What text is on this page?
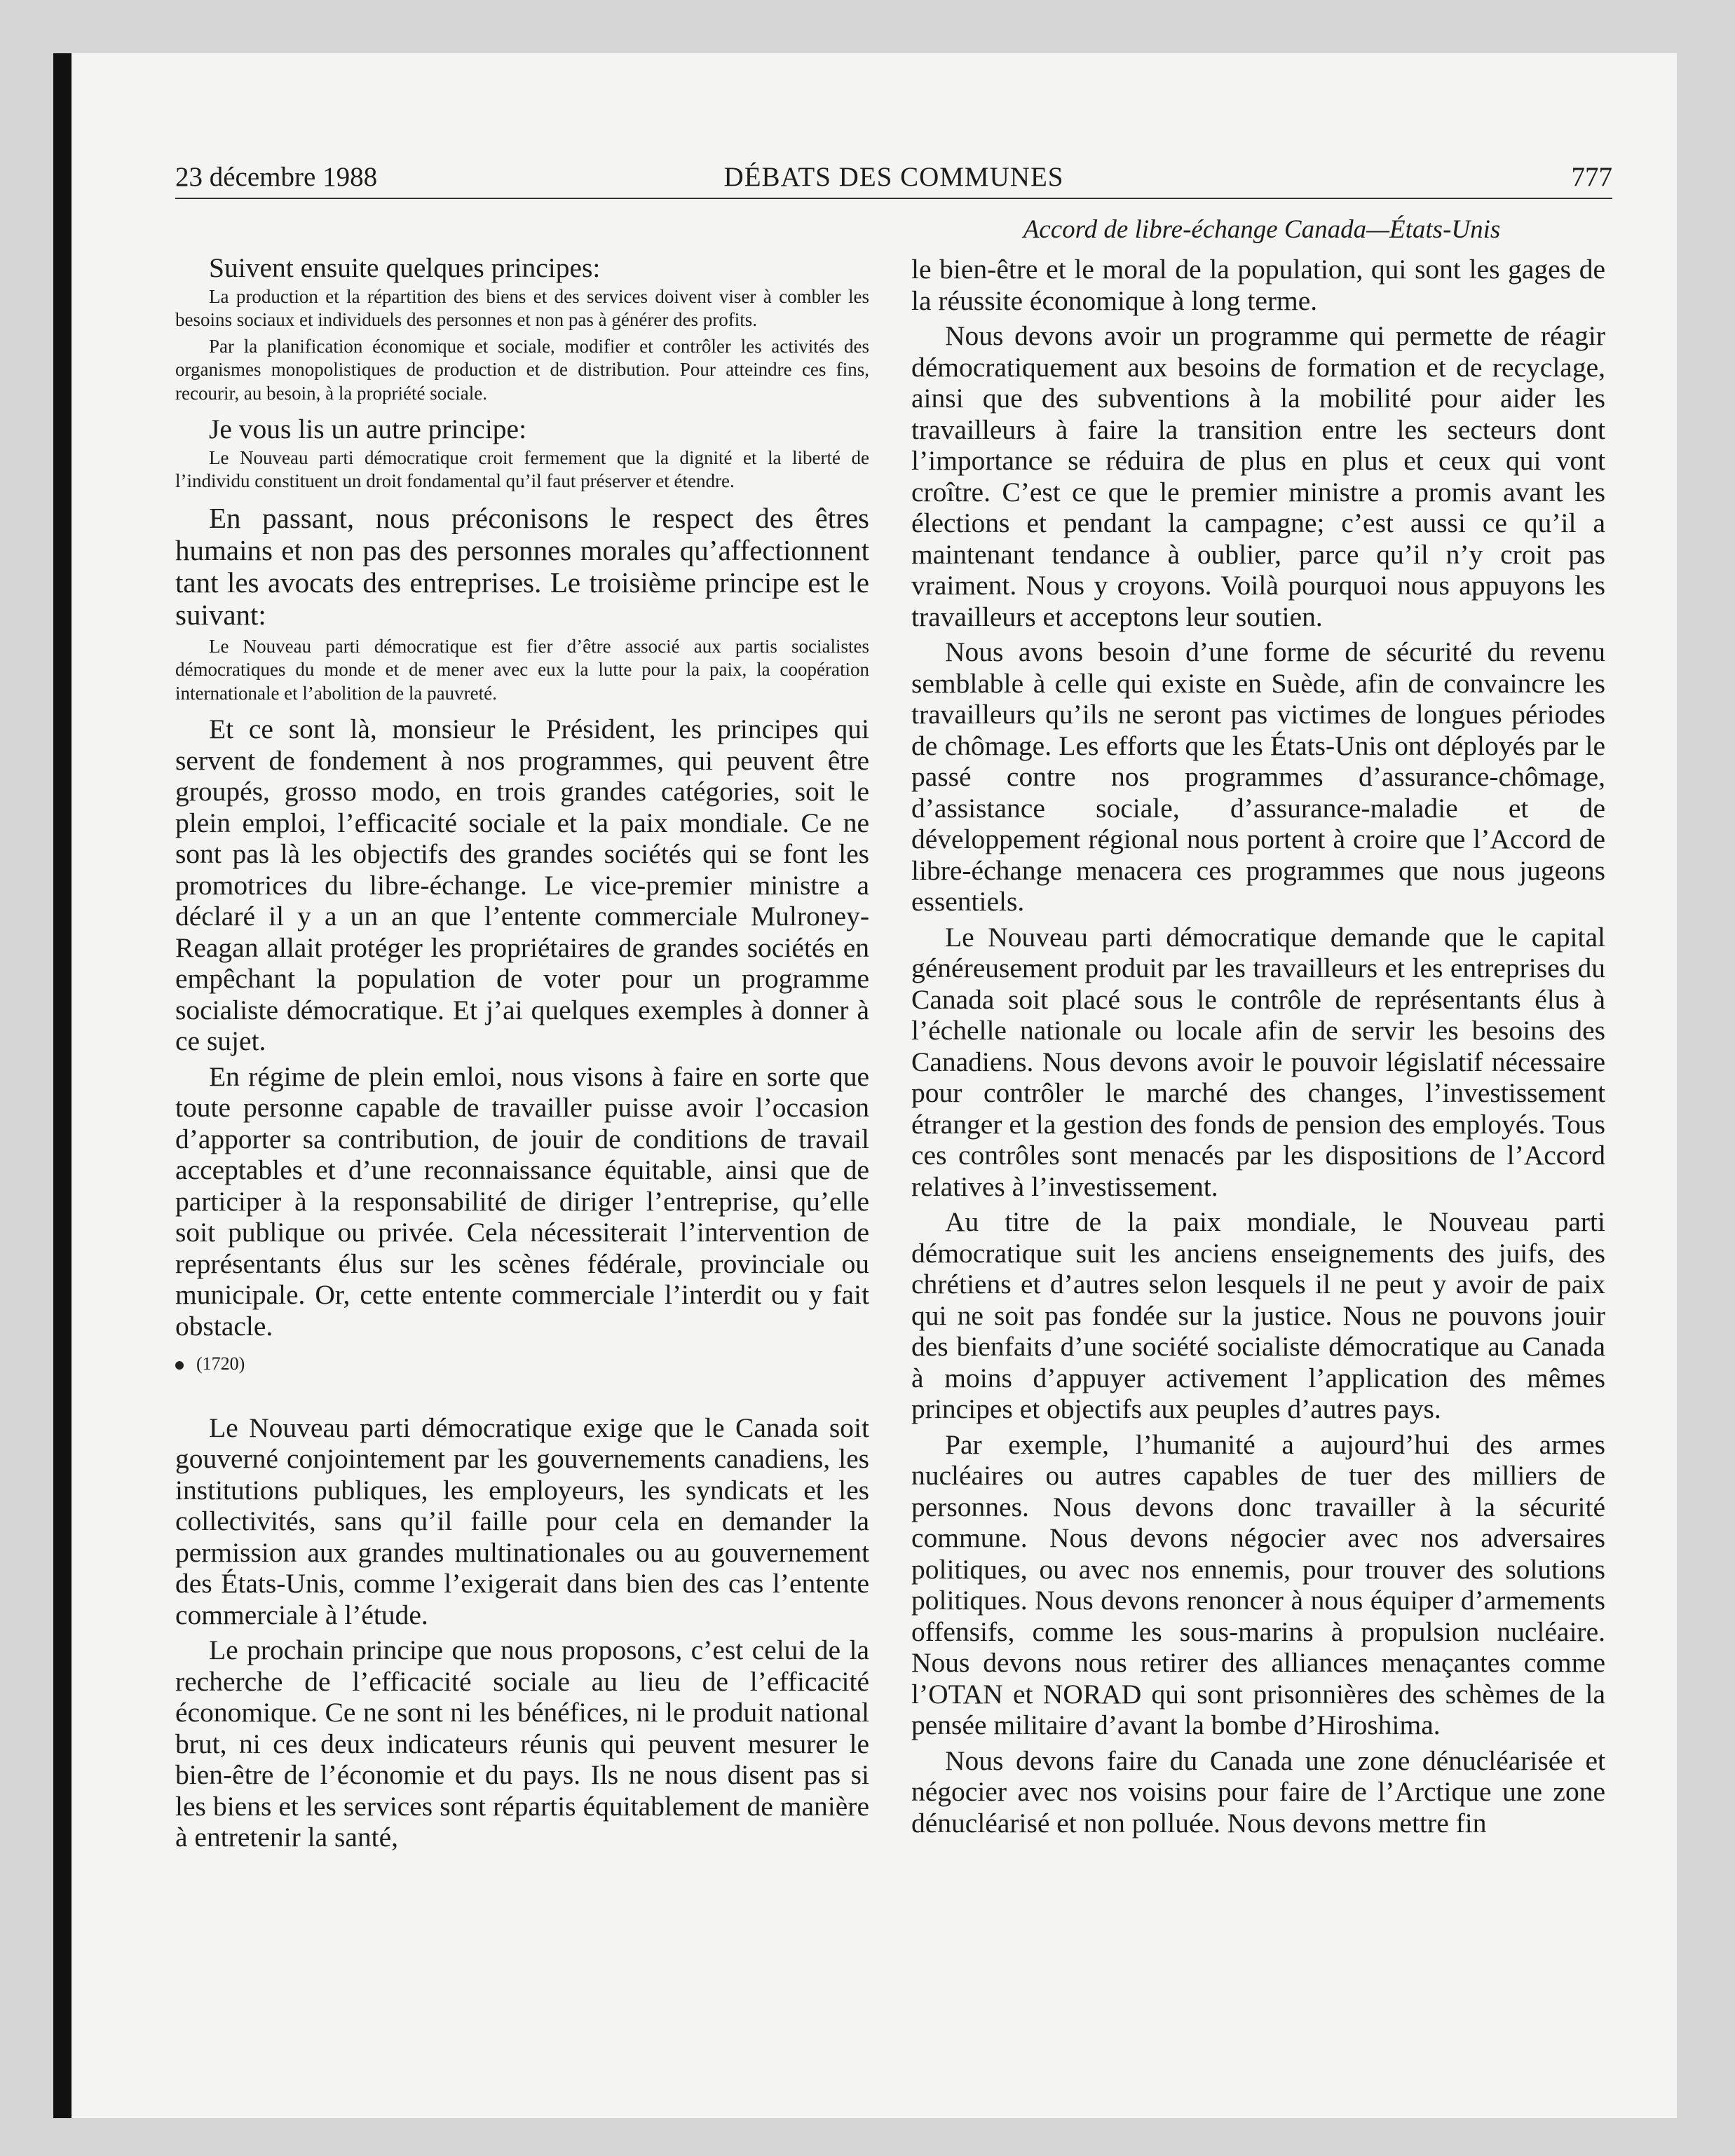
23 décembre 1988	DÉBATS DES COMMUNES	777
Accord de libre-échange Canada—États-Unis

Suivent ensuite quelques principes:

La production et la répartition des biens et des services doivent viser à combler les besoins sociaux et individuels des personnes et non pas à générer des profits.

Par la planification économique et sociale, modifier et contrôler les activités des organismes monopolistiques de production et de distribution. Pour atteindre ces fins, recourir, au besoin, à la propriété sociale.

Je vous lis un autre principe:

Le Nouveau parti démocratique croit fermement que la dignité et la liberté de l’individu constituent un droit fondamental qu’il faut préserver et étendre.

En passant, nous préconisons le respect des êtres humains et non pas des personnes morales qu’affectionnent tant les avocats des entreprises. Le troisième principe est le suivant:

Le Nouveau parti démocratique est fier d’être associé aux partis socialistes démocratiques du monde et de mener avec eux la lutte pour la paix, la coopération internationale et l’abolition de la pauvreté.

Et ce sont là, monsieur le Président, les principes qui servent de fondement à nos programmes, qui peuvent être groupés, grosso modo, en trois grandes catégories, soit le plein emploi, l’efficacité sociale et la paix mondiale. Ce ne sont pas là les objectifs des grandes sociétés qui se font les promotrices du libre-échange. Le vice-premier ministre a déclaré il y a un an que l’entente commerciale Mulroney-Reagan allait protéger les propriétaires de grandes sociétés en empêchant la population de voter pour un programme socialiste démocratique. Et j’ai quelques exemples à donner à ce sujet.

En régime de plein emloi, nous visons à faire en sorte que toute personne capable de travailler puisse avoir l’occasion d’apporter sa contribution, de jouir de conditions de travail acceptables et d’une reconnaissance équitable, ainsi que de participer à la responsabilité de diriger l’entreprise, qu’elle soit publique ou privée. Cela nécessiterait l’intervention de représentants élus sur les scènes fédérale, provinciale ou municipale. Or, cette entente commerciale l’interdit ou y fait obstacle.

(1720)

Le Nouveau parti démocratique exige que le Canada soit gouverné conjointement par les gouvernements canadiens, les institutions publiques, les employeurs, les syndicats et les collectivités, sans qu’il faille pour cela en demander la permission aux grandes multinationales ou au gouvernement des États-Unis, comme l’exigerait dans bien des cas l’entente commerciale à l’étude.

Le prochain principe que nous proposons, c’est celui de la recherche de l’efficacité sociale au lieu de l’efficacité économique. Ce ne sont ni les bénéfices, ni le produit national brut, ni ces deux indicateurs réunis qui peuvent mesurer le bien-être de l’économie et du pays. Ils ne nous disent pas si les biens et les services sont répartis équitablement de manière à entretenir la santé,

le bien-être et le moral de la population, qui sont les gages de la réussite économique à long terme.

Nous devons avoir un programme qui permette de réagir démocratiquement aux besoins de formation et de recyclage, ainsi que des subventions à la mobilité pour aider les travailleurs à faire la transition entre les secteurs dont l’importance se réduira de plus en plus et ceux qui vont croître. C’est ce que le premier ministre a promis avant les élections et pendant la campagne; c’est aussi ce qu’il a maintenant tendance à oublier, parce qu’il n’y croit pas vraiment. Nous y croyons. Voilà pourquoi nous appuyons les travailleurs et acceptons leur soutien.

Nous avons besoin d’une forme de sécurité du revenu semblable à celle qui existe en Suède, afin de convaincre les travailleurs qu’ils ne seront pas victimes de longues périodes de chômage. Les efforts que les États-Unis ont déployés par le passé contre nos programmes d’assurance-chômage, d’assistance sociale, d’assurance-maladie et de développement régional nous portent à croire que l’Accord de libre-échange menacera ces programmes que nous jugeons essentiels.

Le Nouveau parti démocratique demande que le capital généreusement produit par les travailleurs et les entreprises du Canada soit placé sous le contrôle de représentants élus à l’échelle nationale ou locale afin de servir les besoins des Canadiens. Nous devons avoir le pouvoir législatif nécessaire pour contrôler le marché des changes, l’investissement étranger et la gestion des fonds de pension des employés. Tous ces contrôles sont menacés par les dispositions de l’Accord relatives à l’investissement.

Au titre de la paix mondiale, le Nouveau parti démocratique suit les anciens enseignements des juifs, des chrétiens et d’autres selon lesquels il ne peut y avoir de paix qui ne soit pas fondée sur la justice. Nous ne pouvons jouir des bienfaits d’une société socialiste démocratique au Canada à moins d’appuyer activement l’application des mêmes principes et objectifs aux peuples d’autres pays.

Par exemple, l’humanité a aujourd’hui des armes nucléaires ou autres capables de tuer des milliers de personnes. Nous devons donc travailler à la sécurité commune. Nous devons négocier avec nos adversaires politiques, ou avec nos ennemis, pour trouver des solutions politiques. Nous devons renoncer à nous équiper d’armements offensifs, comme les sous-marins à propulsion nucléaire. Nous devons nous retirer des alliances menaçantes comme l’OTAN et NORAD qui sont prisonnières des schèmes de la pensée militaire d’avant la bombe d’Hiroshima.

Nous devons faire du Canada une zone dénucléarisée et négocier avec nos voisins pour faire de l’Arctique une zone dénucléarisé et non polluée. Nous devons mettre fin
